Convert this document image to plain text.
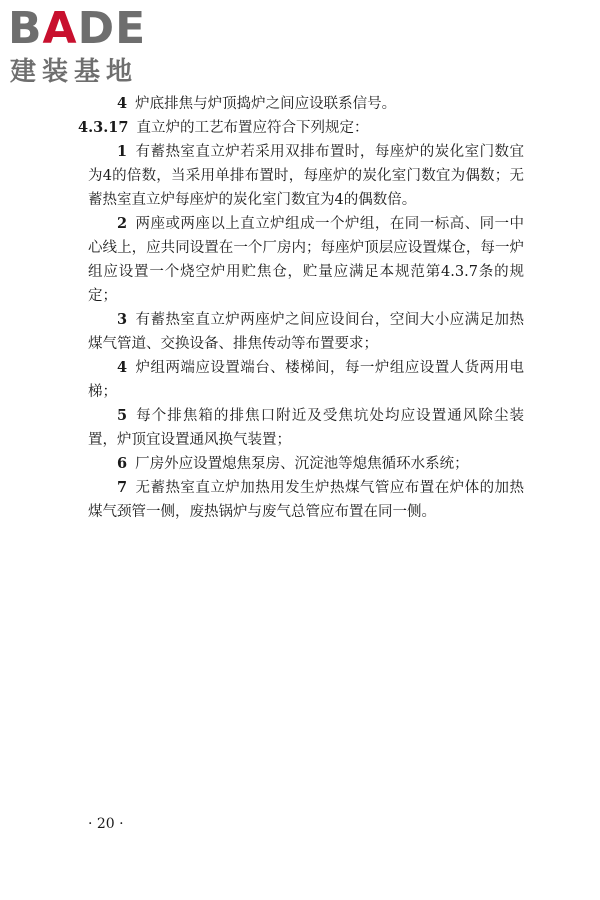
BADE
建装基地

4 炉底排焦与炉顶捣炉之间应设联系信号。

4.3.17 直立炉的工艺布置应符合下列规定：

1 有蓄热室直立炉若采用双排布置时，每座炉的炭化室门数宜为4的倍数，当采用单排布置时，每座炉的炭化室门数宜为偶数；无蓄热室直立炉每座炉的炭化室门数宜为4的偶数倍。

2 两座或两座以上直立炉组成一个炉组，在同一标高、同一中心线上，应共同设置在一个厂房内；每座炉顶层应设置煤仓，每一炉组应设置一个烧空炉用贮焦仓，贮量应满足本规范第4.3.7条的规定；

3 有蓄热室直立炉两座炉之间应设间台，空间大小应满足加热煤气管道、交换设备、排焦传动等布置要求；

4 炉组两端应设置端台、楼梯间，每一炉组应设置人货两用电梯；

5 每个排焦箱的排焦口附近及受焦坑处均应设置通风除尘装置，炉顶宜设置通风换气装置；

6 厂房外应设置熄焦泵房、沉淀池等熄焦循环水系统；

7 无蓄热室直立炉加热用发生炉热煤气管应布置在炉体的加热煤气颈管一侧，废热锅炉与废气总管应布置在同一侧。

· 20 ·
